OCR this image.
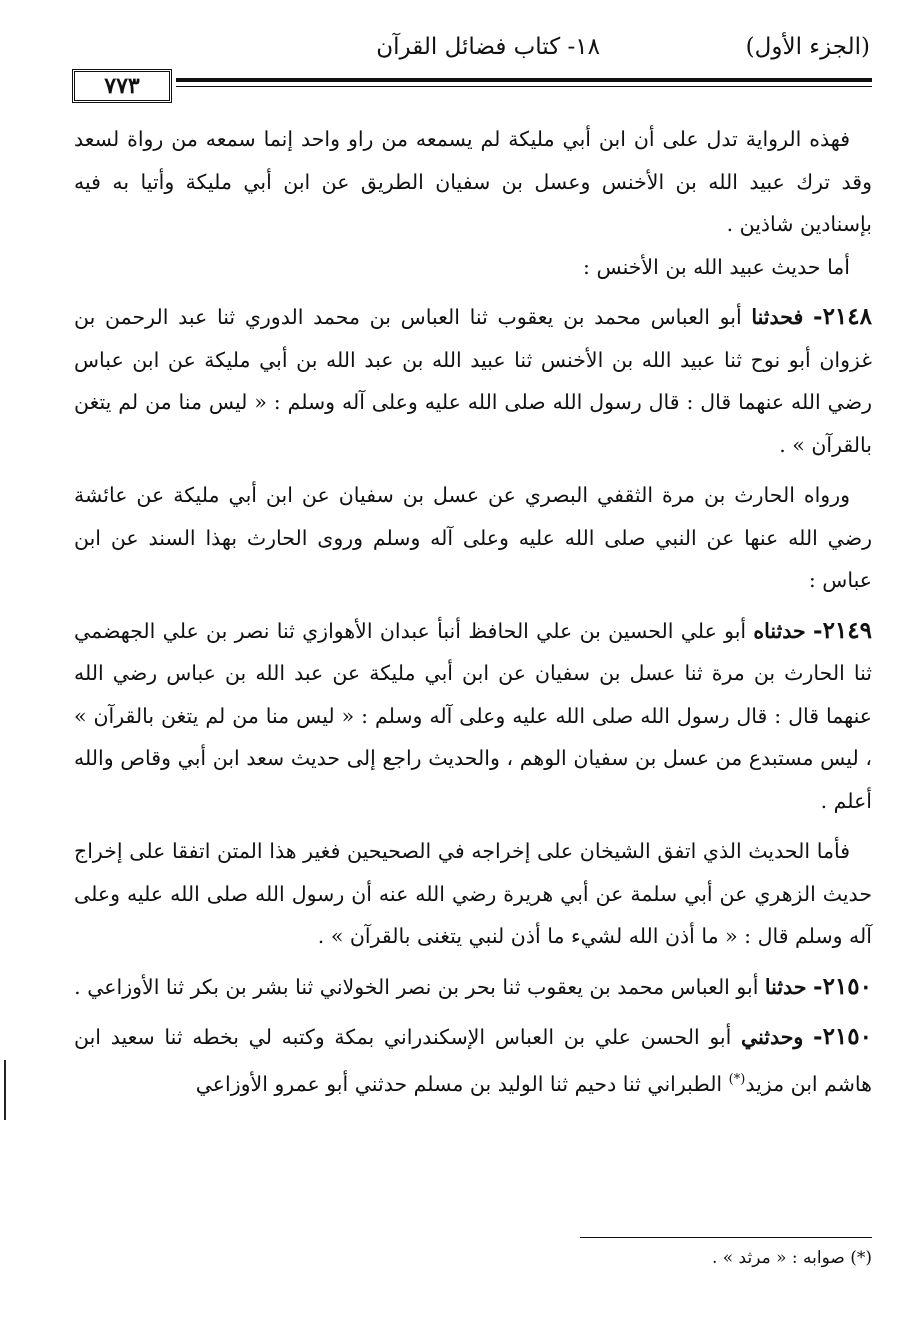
(الجزء الأول)
١٨- كتاب فضائل القرآن
٧٧٣

فهذه الرواية تدل على أن ابن أبي مليكة لم يسمعه من راو واحد إنما سمعه من رواة لسعد وقد ترك عبيد الله بن الأخنس وعسل بن سفيان الطريق عن ابن أبي مليكة وأتيا به فيه بإسنادين شاذين .

أما حديث عبيد الله بن الأخنس :

٢١٤٨- فحدثنا أبو العباس محمد بن يعقوب ثنا العباس بن محمد الدوري ثنا عبد الرحمن بن غزوان أبو نوح ثنا عبيد الله بن الأخنس ثنا عبيد الله بن عبد الله بن أبي مليكة عن ابن عباس رضي الله عنهما قال : قال رسول الله صلى الله عليه وعلى آله وسلم : « ليس منا من لم يتغن بالقرآن » .

ورواه الحارث بن مرة الثقفي البصري عن عسل بن سفيان عن ابن أبي مليكة عن عائشة رضي الله عنها عن النبي صلى الله عليه وعلى آله وسلم وروى الحارث بهذا السند عن ابن عباس :

٢١٤٩- حدثناه أبو علي الحسين بن علي الحافظ أنبأ عبدان الأهوازي ثنا نصر بن علي الجهضمي ثنا الحارث بن مرة ثنا عسل بن سفيان عن ابن أبي مليكة عن عبد الله بن عباس رضي الله عنهما قال : قال رسول الله صلى الله عليه وعلى آله وسلم : « ليس منا من لم يتغن بالقرآن » ، ليس مستبدع من عسل بن سفيان الوهم ، والحديث راجع إلى حديث سعد ابن أبي وقاص والله أعلم .

فأما الحديث الذي اتفق الشيخان على إخراجه في الصحيحين فغير هذا المتن اتفقا على إخراج حديث الزهري عن أبي سلمة عن أبي هريرة رضي الله عنه أن رسول الله صلى الله عليه وعلى آله وسلم قال : « ما أذن الله لشيء ما أذن لنبي يتغنى بالقرآن » .

٢١٥٠- حدثنا أبو العباس محمد بن يعقوب ثنا بحر بن نصر الخولاني ثنا بشر بن بكر ثنا الأوزاعي .

٢١٥٠- وحدثني أبو الحسن علي بن العباس الإسكندراني بمكة وكتبه لي بخطه ثنا سعيد ابن هاشم ابن مزيد(*) الطبراني ثنا دحيم ثنا الوليد بن مسلم حدثني أبو عمرو الأوزاعي

(*) صوابه : « مرثد » .
